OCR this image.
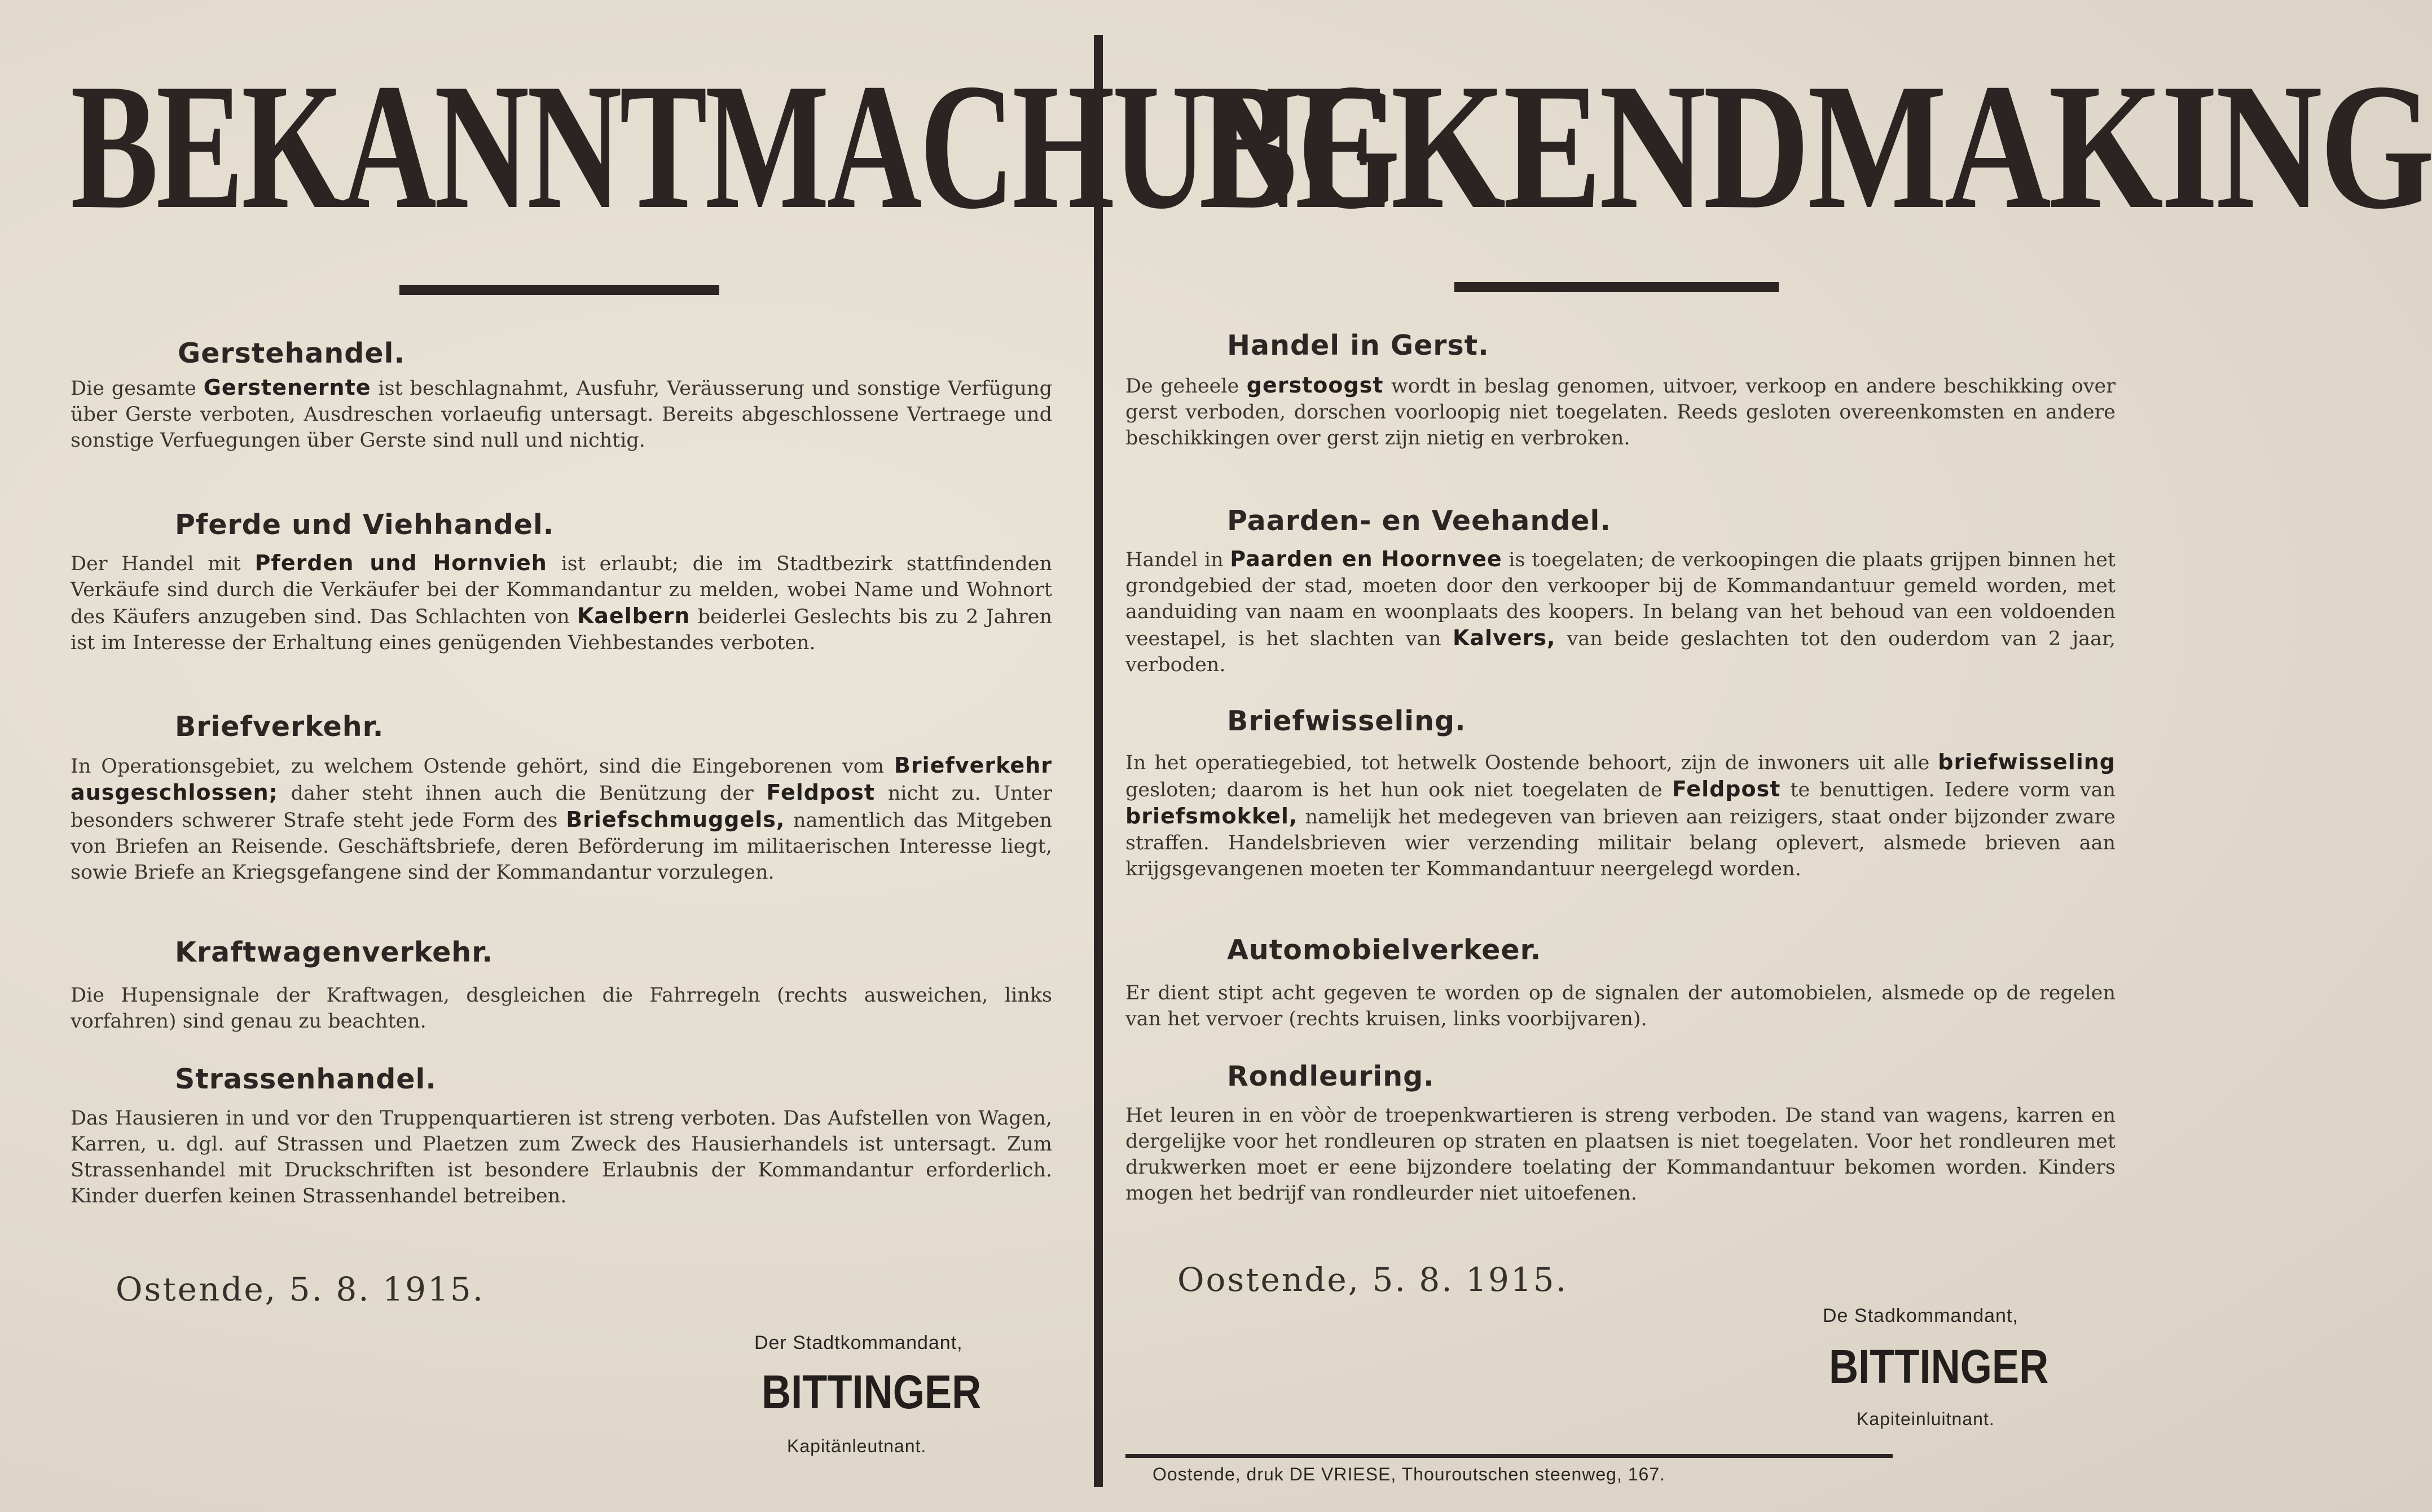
BEKANNTMACHUNG
Gerstehandel.

Die gesamte Gerstenernte ist beschlagnahmt, Ausfuhr, Veräusserung und sonstige Verfügung über Gerste verboten, Ausdreschen vorlaeufig untersagt. Bereits abgeschlossene Vertraege und sonstige Verfuegungen über Gerste sind null und nichtig.

Pferde und Viehhandel.

Der Handel mit Pferden und Hornvieh ist erlaubt; die im Stadtbezirk stattfindenden Verkäufe sind durch die Verkäufer bei der Kommandantur zu melden, wobei Name und Wohnort des Käufers anzugeben sind. Das Schlachten von Kaelbern beiderlei Geslechts bis zu 2 Jahren ist im Interesse der Erhaltung eines genügenden Viehbestandes verboten.

Briefverkehr.

In Operationsgebiet, zu welchem Ostende gehört, sind die Eingeborenen vom Briefverkehr ausgeschlossen; daher steht ihnen auch die Benützung der Feldpost nicht zu. Unter besonders schwerer Strafe steht jede Form des Briefschmuggels, namentlich das Mitgeben von Briefen an Reisende. Geschäftsbriefe, deren Beförderung im militaerischen Interesse liegt, sowie Briefe an Kriegsgefangene sind der Kommandantur vorzulegen.

Kraftwagenverkehr.

Die Hupensignale der Kraftwagen, desgleichen die Fahrregeln (rechts ausweichen, links vorfahren) sind genau zu beachten.

Strassenhandel.

Das Hausieren in und vor den Truppenquartieren ist streng verboten. Das Aufstellen von Wagen, Karren, u. dgl. auf Strassen und Plaetzen zum Zweck des Hausierhandels ist untersagt. Zum Strassenhandel mit Druckschriften ist besondere Erlaubnis der Kommandantur erforderlich. Kinder duerfen keinen Strassenhandel betreiben.

Ostende, 5. 8. 1915.
Der Stadtkommandant,
BITTINGER
Kapitänleutnant.
BEKENDMAKING
Handel in Gerst.

De geheele gerstoogst wordt in beslag genomen, uitvoer, verkoop en andere beschikking over gerst verboden, dorschen voorloopig niet toegelaten. Reeds gesloten overeenkomsten en andere beschikkingen over gerst zijn nietig en verbroken.

Paarden- en Veehandel.

Handel in Paarden en Hoornvee is toegelaten; de verkoopingen die plaats grijpen binnen het grondgebied der stad, moeten door den verkooper bij de Kommandantuur gemeld worden, met aanduiding van naam en woonplaats des koopers. In belang van het behoud van een voldoenden veestapel, is het slachten van Kalvers, van beide geslachten tot den ouderdom van 2 jaar, verboden.

Briefwisseling.

In het operatiegebied, tot hetwelk Oostende behoort, zijn de inwoners uit alle briefwisseling gesloten; daarom is het hun ook niet toegelaten de Feldpost te benuttigen. Iedere vorm van briefsmokkel, namelijk het medegeven van brieven aan reizigers, staat onder bijzonder zware straffen. Handelsbrieven wier verzending militair belang oplevert, alsmede brieven aan krijgsgevangenen moeten ter Kommandantuur neergelegd worden.

Automobielverkeer.

Er dient stipt acht gegeven te worden op de signalen der automobielen, alsmede op de regelen van het vervoer (rechts kruisen, links voorbijvaren).

Rondleuring.

Het leuren in en vòòr de troepenkwartieren is streng verboden. De stand van wagens, karren en dergelijke voor het rondleuren op straten en plaatsen is niet toegelaten. Voor het rondleuren met drukwerken moet er eene bijzondere toelating der Kommandantuur bekomen worden. Kinders mogen het bedrijf van rondleurder niet uitoefenen.

Oostende, 5. 8. 1915.
De Stadkommandant,
BITTINGER
Kapiteinluitnant.
Oostende, druk DE VRIESE, Thouroutschen steenweg, 167.
